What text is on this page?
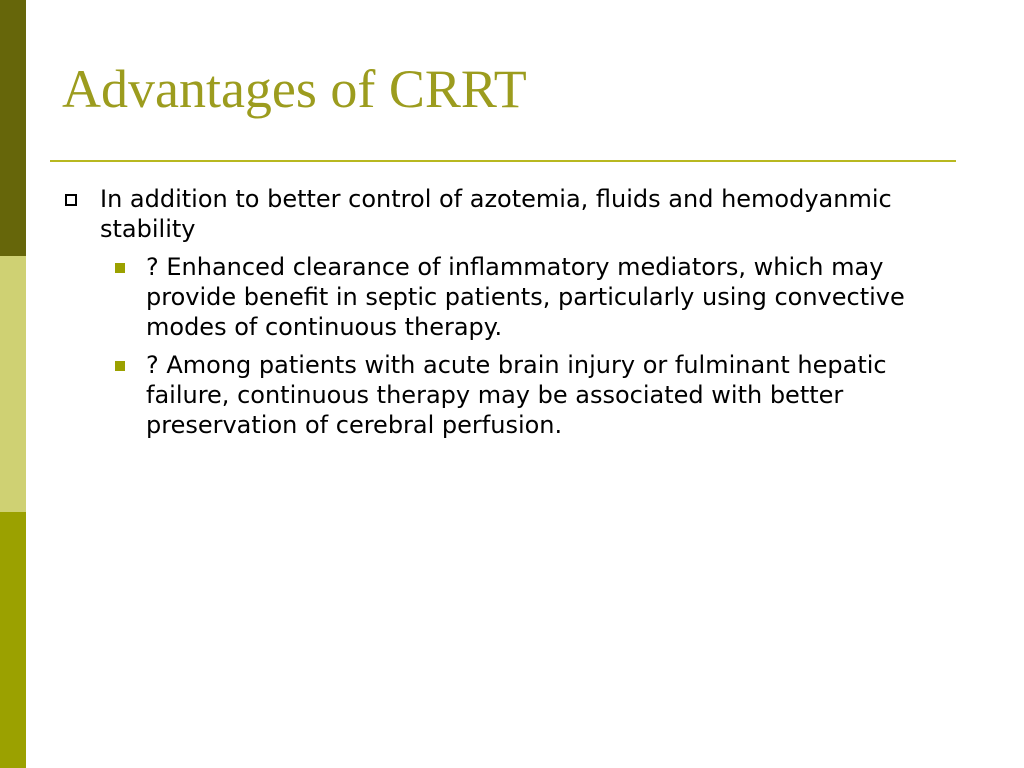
Advantages of CRRT
In addition to better control of azotemia, fluids and hemodyanmic stability
? Enhanced clearance of inflammatory mediators, which may provide benefit in septic patients, particularly using convective modes of continuous therapy.
? Among patients with acute brain injury or fulminant hepatic failure, continuous therapy may be associated with better preservation of cerebral perfusion.
